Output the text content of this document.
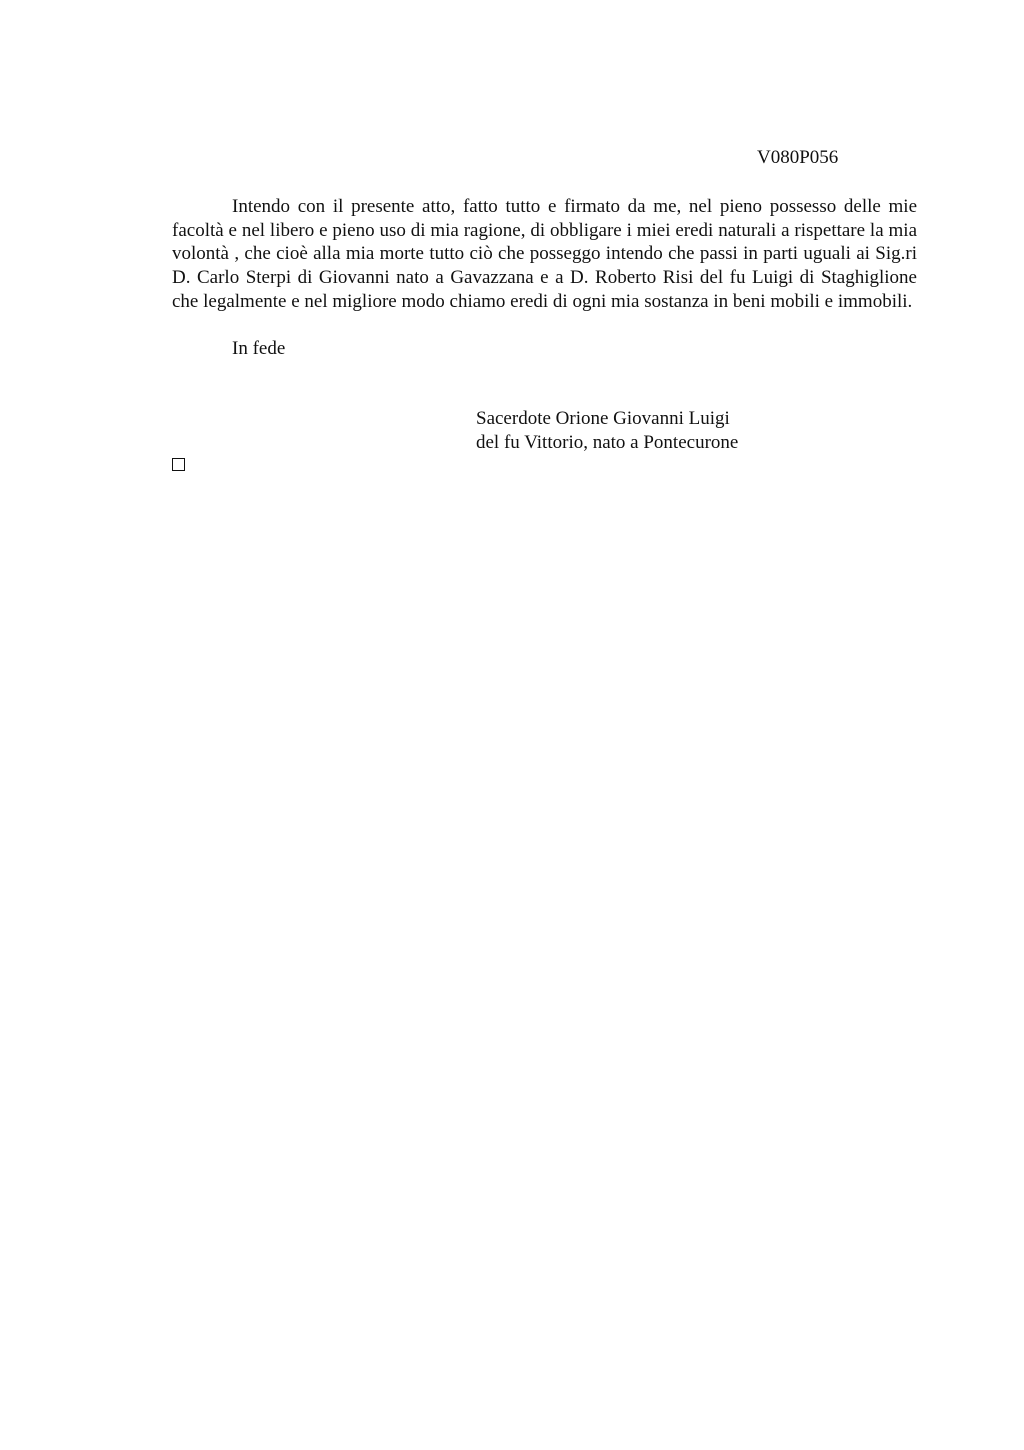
V080P056

Intendo con il presente atto, fatto tutto e firmato da me, nel pieno possesso delle mie facoltà e nel libero e pieno uso di mia ragione, di obbligare i miei eredi naturali a rispettare la mia volontà , che cioè alla mia morte tutto ciò che posseggo intendo che passi in parti uguali ai Sig.ri D. Carlo Sterpi di Giovanni nato a Gavazzana e a D. Roberto Risi del fu Luigi di Staghiglione che legalmente e nel migliore modo chiamo eredi di ogni mia sostanza in beni mobili e immobili.

In fede
Sacerdote Orione Giovanni Luigi
del fu Vittorio, nato a Pontecurone
